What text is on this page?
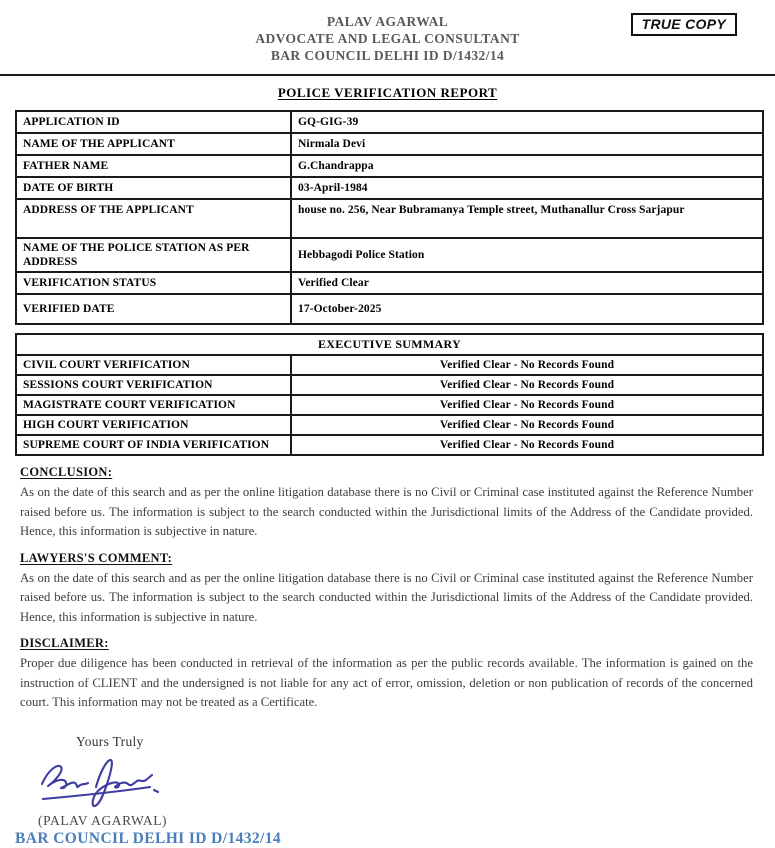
PALAV AGARWAL
ADVOCATE AND LEGAL CONSULTANT
BAR COUNCIL DELHI ID D/1432/14
TRUE COPY
POLICE VERIFICATION REPORT
APPLICATION ID	GQ-GIG-39
NAME OF THE APPLICANT	Nirmala Devi
FATHER NAME	G.Chandrappa
DATE OF BIRTH	03-April-1984
ADDRESS OF THE APPLICANT	house no. 256, Near Bubramanya Temple street, Muthanallur Cross Sarjapur
NAME OF THE POLICE STATION AS PER ADDRESS	Hebbagodi Police Station
VERIFICATION STATUS	Verified Clear
VERIFIED DATE	17-October-2025
EXECUTIVE SUMMARY	
CIVIL COURT VERIFICATION	Verified Clear - No Records Found
SESSIONS COURT VERIFICATION	Verified Clear - No Records Found
MAGISTRATE COURT VERIFICATION	Verified Clear - No Records Found
HIGH COURT VERIFICATION	Verified Clear - No Records Found
SUPREME COURT OF INDIA VERIFICATION	Verified Clear - No Records Found
CONCLUSION:
As on the date of this search and as per the online litigation database there is no Civil or Criminal case instituted against the Reference Number raised before us. The information is subject to the search conducted within the Jurisdictional limits of the Address of the Candidate provided. Hence, this information is subjective in nature.
LAWYERS'S COMMENT:
As on the date of this search and as per the online litigation database there is no Civil or Criminal case instituted against the Reference Number raised before us. The information is subject to the search conducted within the Jurisdictional limits of the Address of the Candidate provided. Hence, this information is subjective in nature.
DISCLAIMER:
Proper due diligence has been conducted in retrieval of the information as per the public records available. The information is gained on the instruction of CLIENT and the undersigned is not liable for any act of error, omission, deletion or non publication of records of the concerned court. This information may not be treated as a Certificate.
Yours Truly
(PALAV AGARWAL)
BAR COUNCIL DELHI ID D/1432/14
